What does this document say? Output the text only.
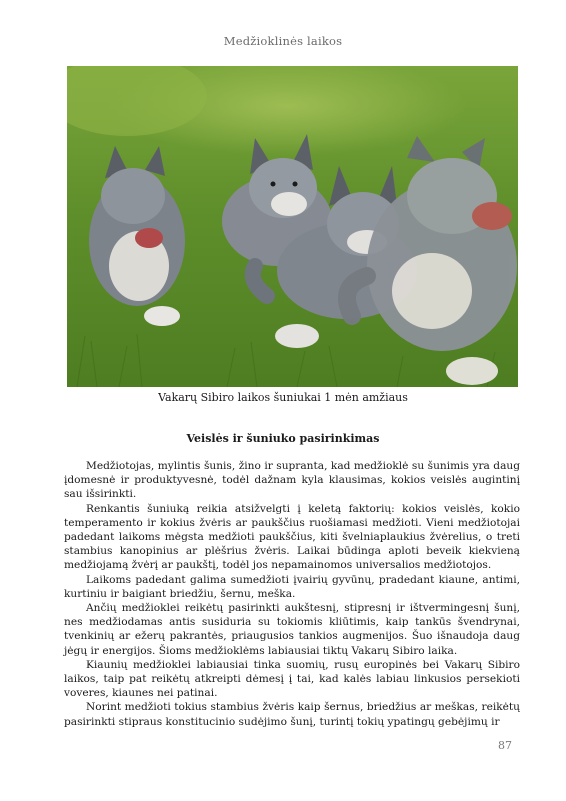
Medžioklinės laikos
Vakarų Sibiro laikos šuniukai 1 mėn amžiaus
Veislės ir šuniuko pasirinkimas

Medžiotojas, mylintis šunis, žino ir supranta, kad medžioklė su šunimis yra daug įdomesnė ir produktyvesnė, todėl dažnam kyla klausimas, kokios veislės augintinį sau išsirinkti.

Renkantis šuniuką reikia atsižvelgti į keletą faktorių: kokios veislės, kokio temperamento ir kokius žvėris ar paukščius ruošiamasi medžioti. Vieni medžiotojai padedant laikoms mėgsta medžioti paukščius, kiti švelniaplaukius žvėrelius, o treti stambius kanopinius ar plėšrius žvėris. Laikai būdinga aploti beveik kiekvieną medžiojamą žvėrį ar paukštį, todėl jos nepamainomos universalios medžiotojos.

Laikoms padedant galima sumedžioti įvairių gyvūnų, pradedant kiaune, antimi, kurtiniu ir baigiant briedžiu, šernu, meška.

Ančių medžioklei reikėtų pasirinkti aukštesnį, stipresnį ir ištvermingesnį šunį, nes medžiodamas antis susiduria su tokiomis kliūtimis, kaip tankūs švendrynai, tvenkinių ar ežerų pakrantės, priaugusios tankios augmenijos. Šuo išnaudoja daug jėgų ir energijos. Šioms medžioklėms labiausiai tiktų Vakarų Sibiro laika.

Kiaunių medžioklei labiausiai tinka suomių, rusų europinės bei Vakarų Sibiro laikos, taip pat reikėtų atkreipti dėmesį į tai, kad kalės labiau linkusios persekioti voveres, kiaunes nei patinai.

Norint medžioti tokius stambius žvėris kaip šernus, briedžius ar meškas, reikėtų pasirinkti stipraus konstitucinio sudėjimo šunį, turintį tokių ypatingų gebėjimų ir

87
